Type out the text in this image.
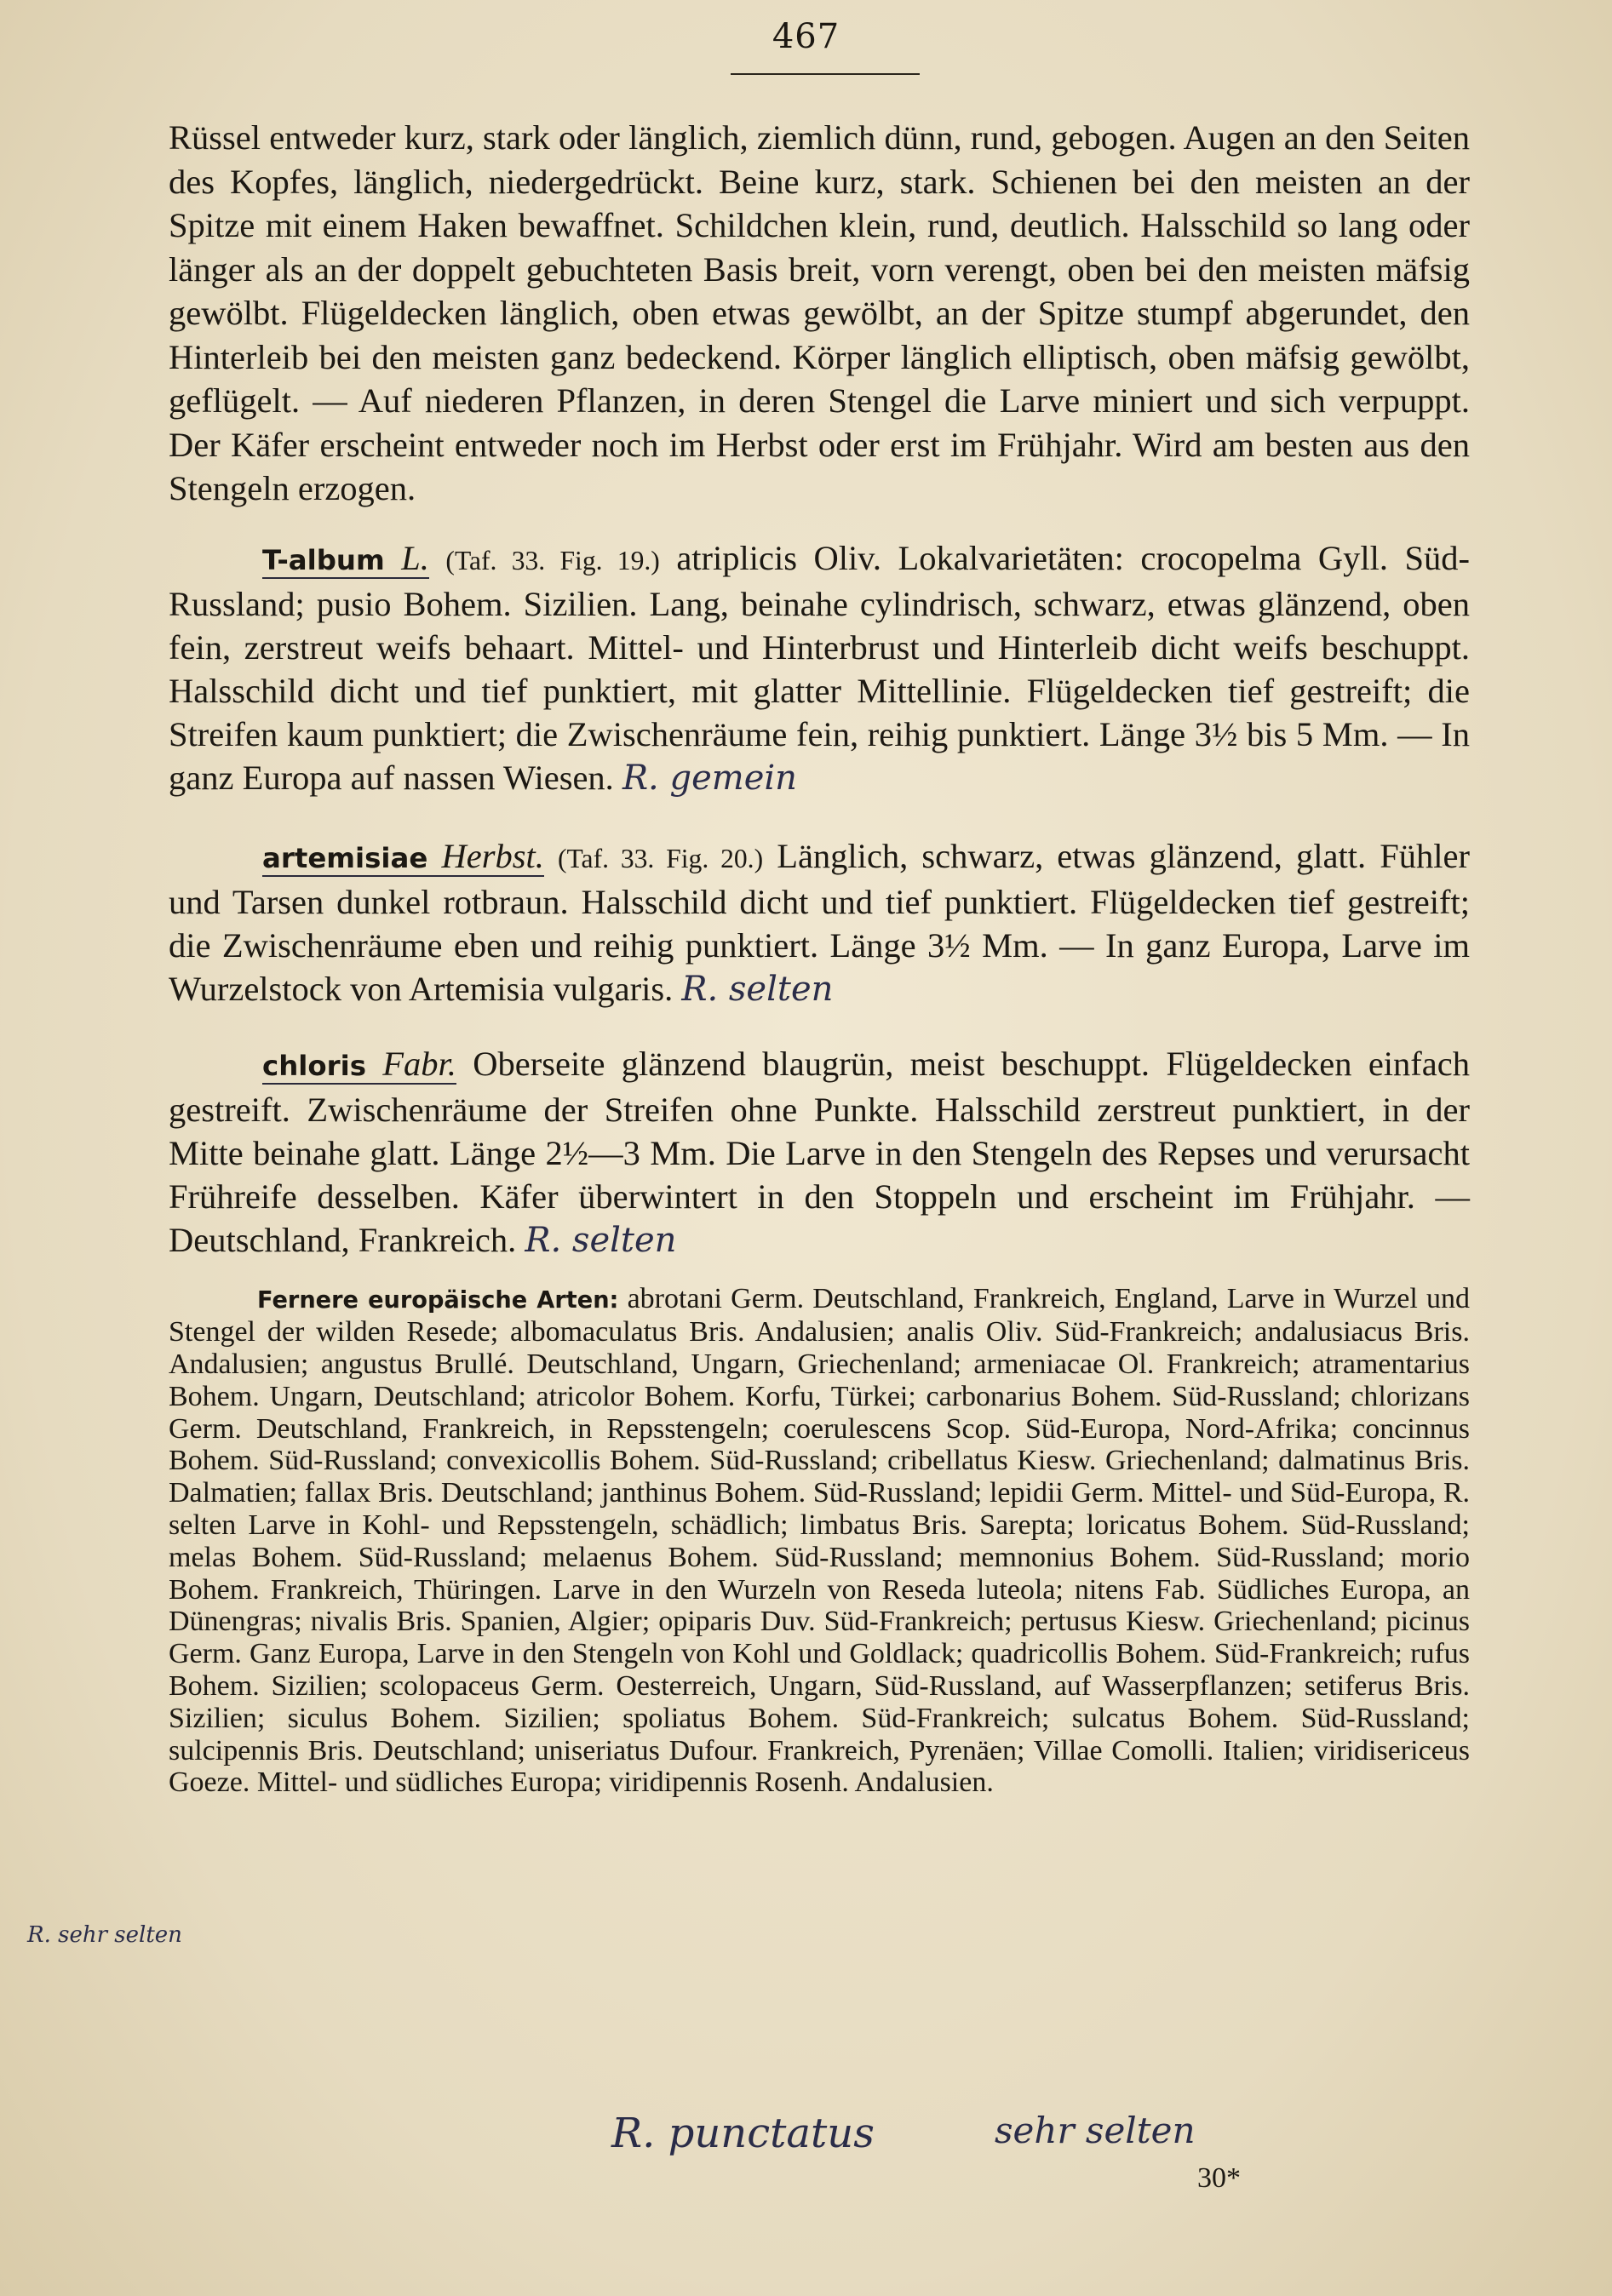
467

Rüssel entweder kurz, stark oder länglich, ziemlich dünn, rund, gebogen. Augen an den Seiten des Kopfes, länglich, niedergedrückt. Beine kurz, stark. Schienen bei den meisten an der Spitze mit einem Haken bewaffnet. Schildchen klein, rund, deutlich. Halsschild so lang oder länger als an der doppelt gebuchteten Basis breit, vorn verengt, oben bei den meisten mäfsig gewölbt. Flügeldecken länglich, oben etwas gewölbt, an der Spitze stumpf abgerundet, den Hinterleib bei den meisten ganz bedeckend. Körper länglich elliptisch, oben mäfsig gewölbt, geflügelt. — Auf niederen Pflanzen, in deren Stengel die Larve miniert und sich verpuppt. Der Käfer erscheint entweder noch im Herbst oder erst im Frühjahr. Wird am besten aus den Stengeln erzogen.

T-album L. (Taf. 33. Fig. 19.) atriplicis Oliv. Lokalvarietäten: crocopelma Gyll. Süd-Russland; pusio Bohem. Sizilien. Lang, beinahe cylindrisch, schwarz, etwas glänzend, oben fein, zerstreut weifs behaart. Mittel- und Hinterbrust und Hinterleib dicht weifs beschuppt. Halsschild dicht und tief punktiert, mit glatter Mittellinie. Flügeldecken tief gestreift; die Streifen kaum punktiert; die Zwischenräume fein, reihig punktiert. Länge 3½ bis 5 Mm. — In ganz Europa auf nassen Wiesen. R. gemein

artemisiae Herbst. (Taf. 33. Fig. 20.) Länglich, schwarz, etwas glänzend, glatt. Fühler und Tarsen dunkel rotbraun. Halsschild dicht und tief punktiert. Flügeldecken tief gestreift; die Zwischenräume eben und reihig punktiert. Länge 3½ Mm. — In ganz Europa, Larve im Wurzelstock von Artemisia vulgaris. R. selten

chloris Fabr. Oberseite glänzend blaugrün, meist beschuppt. Flügeldecken einfach gestreift. Zwischenräume der Streifen ohne Punkte. Halsschild zerstreut punktiert, in der Mitte beinahe glatt. Länge 2½—3 Mm. Die Larve in den Stengeln des Repses und verursacht Frühreife desselben. Käfer überwintert in den Stoppeln und erscheint im Frühjahr. — Deutschland, Frankreich. R. selten

Fernere europäische Arten: abrotani Germ. Deutschland, Frankreich, England, Larve in Wurzel und Stengel der wilden Resede; albomaculatus Bris. Andalusien; analis Oliv. Süd-Frankreich; andalusiacus Bris. Andalusien; angustus Brullé. Deutschland, Ungarn, Griechenland; armeniacae Ol. Frankreich; atramentarius Bohem. Ungarn, Deutschland; atricolor Bohem. Korfu, Türkei; carbonarius Bohem. Süd-Russland; chlorizans Germ. Deutschland, Frankreich, in Repsstengeln; coerulescens Scop. Süd-Europa, Nord-Afrika; concinnus Bohem. Süd-Russland; convexicollis Bohem. Süd-Russland; cribellatus Kiesw. Griechenland; dalmatinus Bris. Dalmatien; fallax Bris. Deutschland; janthinus Bohem. Süd-Russland; lepidii Germ. Mittel- und Süd-Europa, R. selten Larve in Kohl- und Repsstengeln, schädlich; limbatus Bris. Sarepta; loricatus Bohem. Süd-Russland; melas Bohem. Süd-Russland; melaenus Bohem. Süd-Russland; memnonius Bohem. Süd-Russland; morio Bohem. Frankreich, Thüringen. Larve in den Wurzeln von Reseda luteola; nitens Fab. Südliches Europa, an Dünengras; nivalis Bris. Spanien, Algier; opiparis Duv. Süd-Frankreich; pertusus Kiesw. Griechenland; picinus Germ. Ganz Europa, Larve in den Stengeln von Kohl und Goldlack; quadricollis Bohem. Süd-Frankreich; rufus Bohem. Sizilien; scolopaceus Germ. Oesterreich, Ungarn, Süd-Russland, auf Wasserpflanzen; setiferus Bris. Sizilien; siculus Bohem. Sizilien; spoliatus Bohem. Süd-Frankreich; sulcatus Bohem. Süd-Russland; sulcipennis Bris. Deutschland; uniseriatus Dufour. Frankreich, Pyrenäen; Villae Comolli. Italien; viridisericeus Goeze. Mittel- und südliches Europa; viridipennis Rosenh. Andalusien.

R. sehr selten
R. punctatus	sehr selten
30*
